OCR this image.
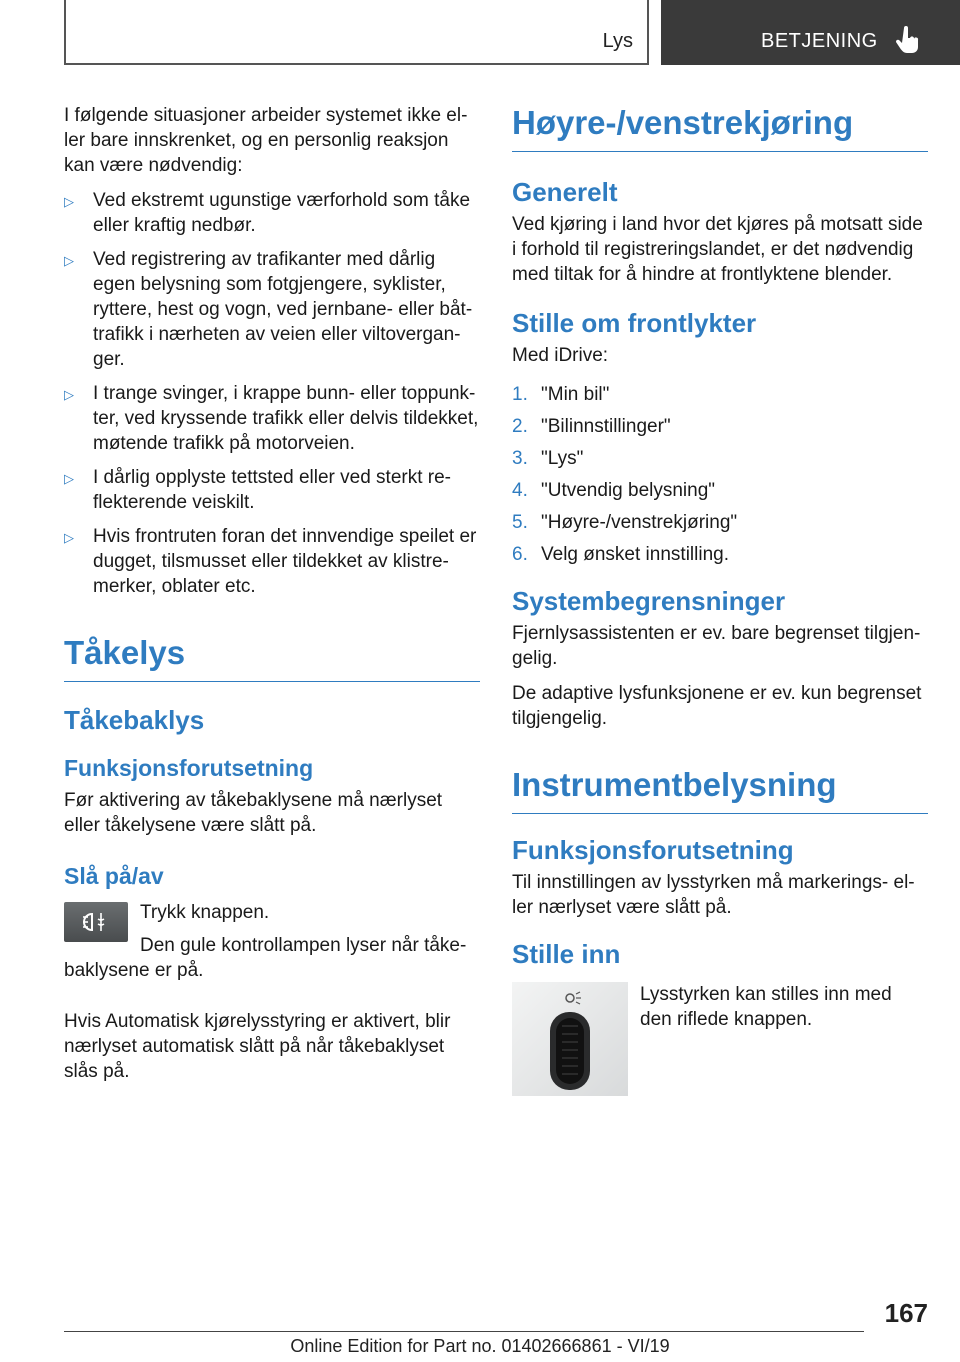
Lys	BETJENING

I følgende situasjoner arbeider systemet ikke el- ler bare innskrenket, og en personlig reaksjon kan være nødvendig:

▷ Ved ekstremt ugunstige værforhold som tåke eller kraftig nedbør.
▷ Ved registrering av trafikanter med dårlig egen belysning som fotgjengere, syklister, ryttere, hest og vogn, ved jernbane- eller båt- trafikk i nærheten av veien eller viltovergan- ger.
▷ I trange svinger, i krappe bunn- eller toppunk- ter, ved kryssende trafikk eller delvis tildekket, møtende trafikk på motorveien.
▷ I dårlig opplyste tettsted eller ved sterkt re- flekterende veiskilt.
▷ Hvis frontruten foran det innvendige speilet er dugget, tilsmusset eller tildekket av klistre- merker, oblater etc.
Tåkelys
Tåkebaklys
Funksjonsforutsetning

Før aktivering av tåkebaklysene må nærlyset eller tåkelysene være slått på.

Slå på/av

Trykk knappen.

Den gule kontrollampen lyser når tåke- baklysene er på.

Hvis Automatisk kjørelysstyring er aktivert, blir nærlyset automatisk slått på når tåkebaklyset slås på.

Høyre-/venstrekjøring
Generelt

Ved kjøring i land hvor det kjøres på motsatt side i forhold til registreringslandet, er det nødvendig med tiltak for å hindre at frontlyktene blender.

Stille om frontlykter

Med iDrive:

1. "Min bil"
2. "Bilinnstillinger"
3. "Lys"
4. "Utvendig belysning"
5. "Høyre-/venstrekjøring"
6. Velg ønsket innstilling.
Systembegrensninger

Fjernlysassistenten er ev. bare begrenset tilgjen- gelig.

De adaptive lysfunksjonene er ev. kun begrenset tilgjengelig.

Instrumentbelysning
Funksjonsforutsetning

Til innstillingen av lysstyrken må markerings- el- ler nærlyset være slått på.

Stille inn

Lysstyrken kan stilles inn med den riflede knappen.

167
Online Edition for Part no. 01402666861 - VI/19
